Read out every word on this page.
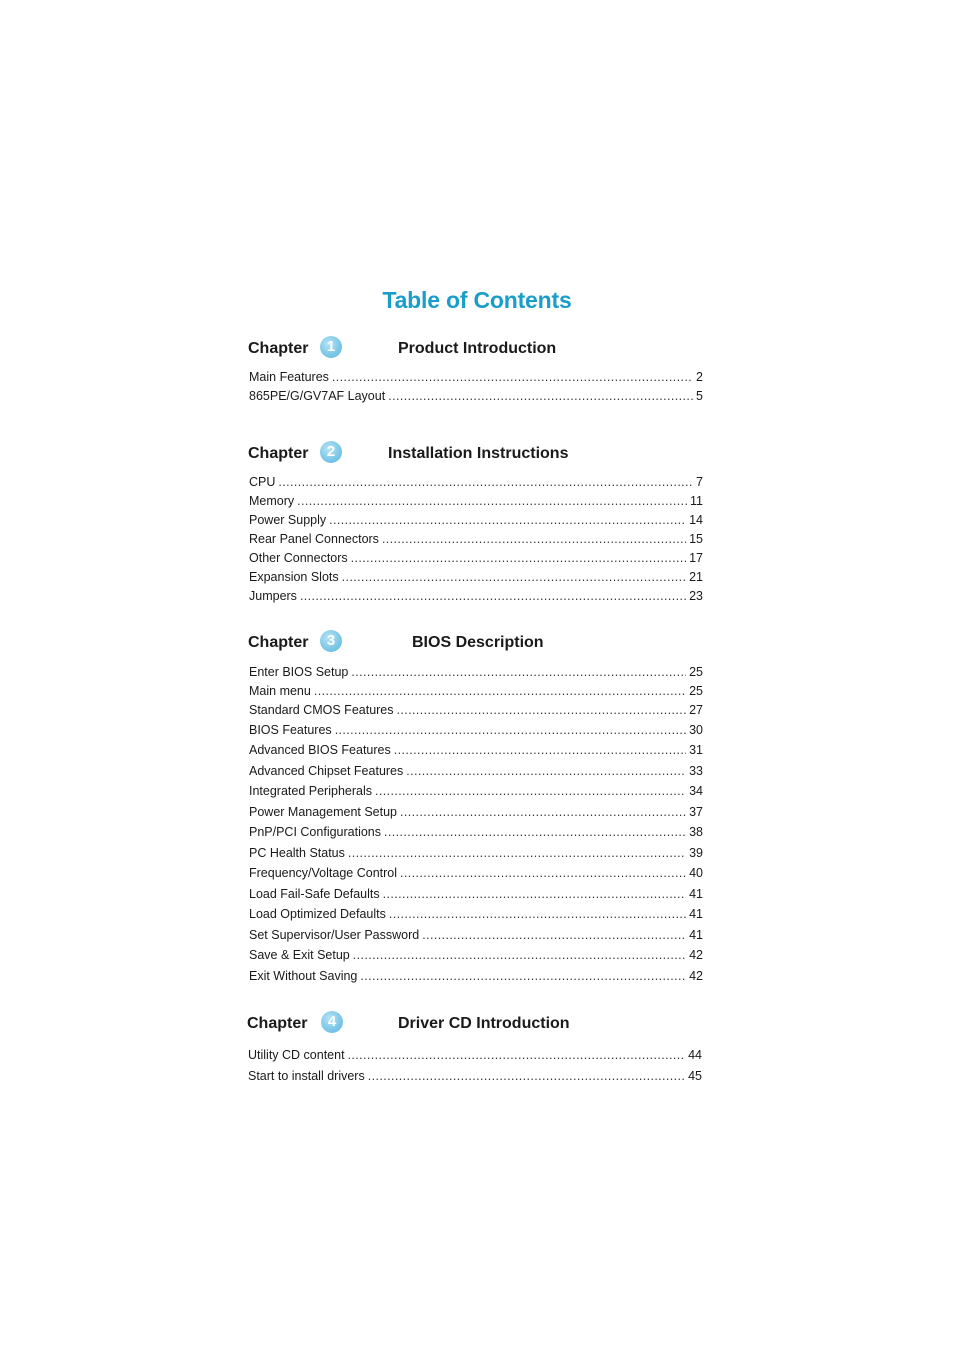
Table of Contents
Chapter	1	Product Introduction
Main Features .....	2
865PE/G/GV7AF Layout .....	5
Chapter	2	Installation Instructions
CPU .....	7
Memory .....	11
Power Supply .....	14
Rear Panel Connectors .....	15
Other Connectors .....	17
Expansion Slots .....	21
Jumpers .....	23
Chapter	3	BIOS Description
Enter BIOS Setup .....	25
Main menu .....	25
Standard CMOS Features .....	27
BIOS Features .....	30
Advanced BIOS Features .....	31
Advanced Chipset Features .....	33
Integrated Peripherals .....	34
Power Management Setup .....	37
PnP/PCI Configurations .....	38
PC Health Status .....	39
Frequency/Voltage Control .....	40
Load Fail-Safe Defaults .....	41
Load Optimized Defaults .....	41
Set Supervisor/User Password .....	41
Save & Exit Setup .....	42
Exit Without Saving .....	42
Chapter	4	Driver CD Introduction
Utility CD content .....	44
Start to install drivers .....	45
